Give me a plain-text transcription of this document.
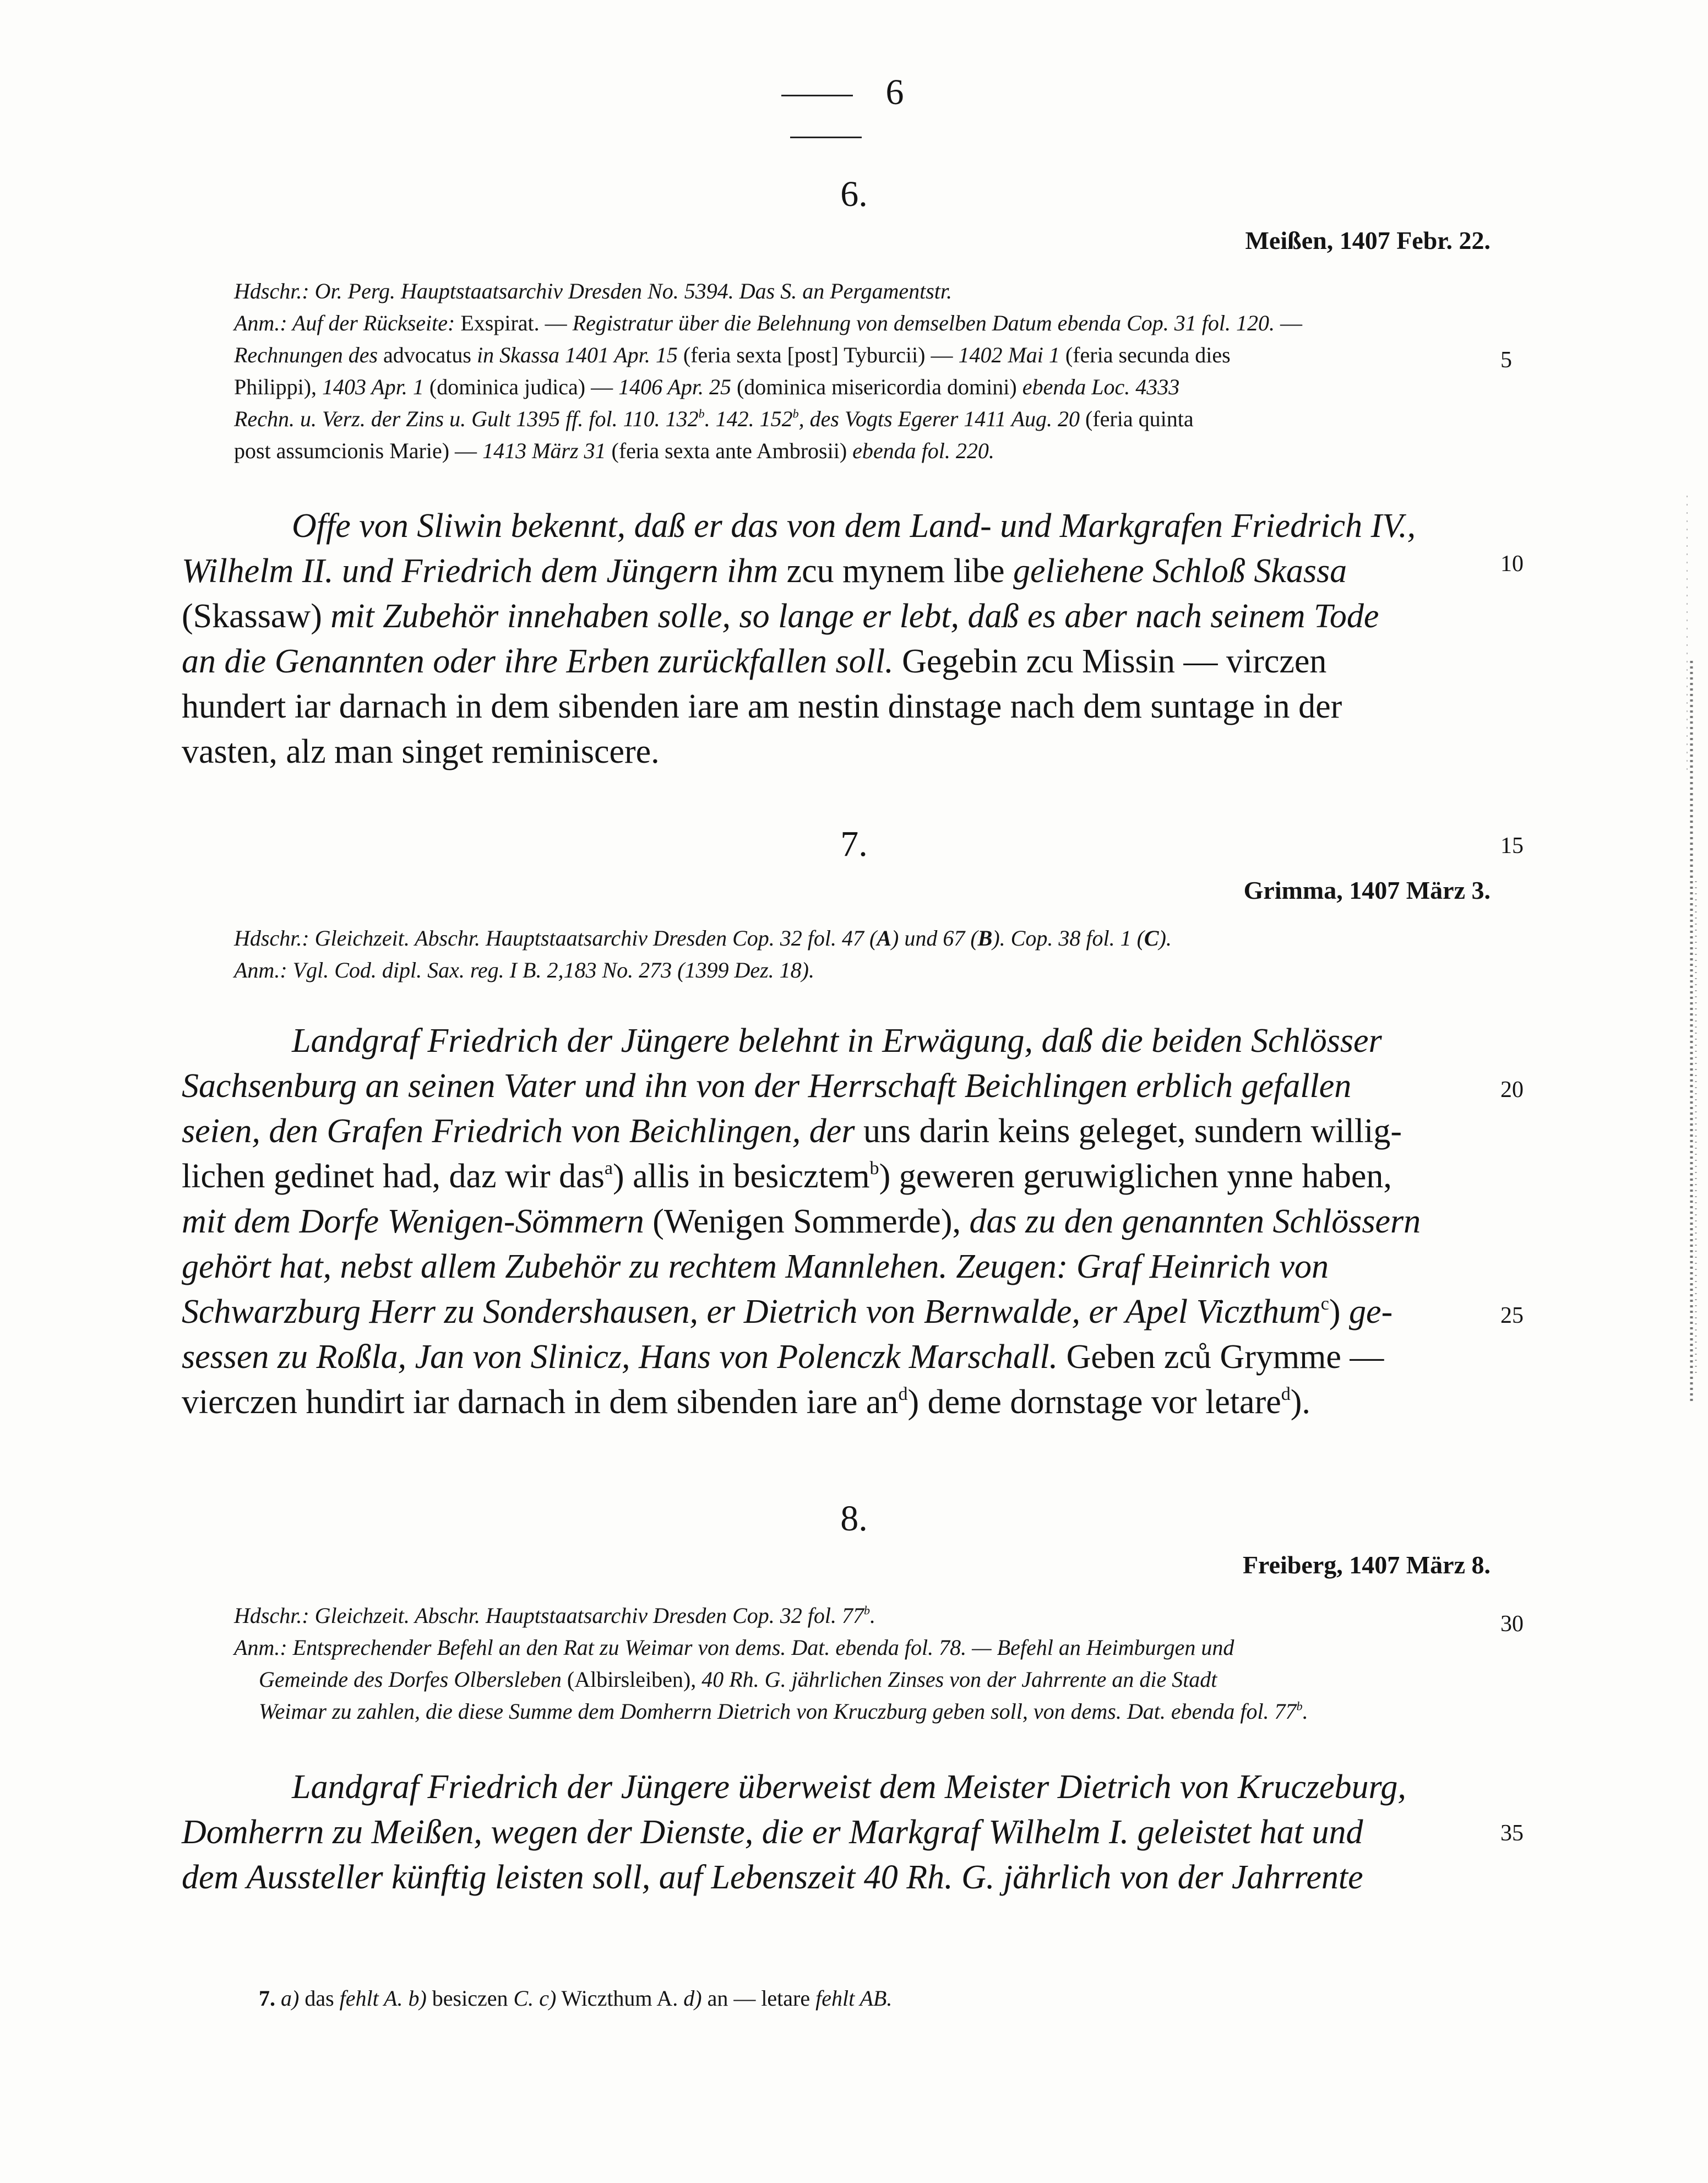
6
6.
Meißen, 1407 Febr. 22.
Hdschr.: Or. Perg. Hauptstaatsarchiv Dresden No. 5394. Das S. an Pergamentstr.
Anm.: Auf der Rückseite: Exspirat. — Registratur über die Belehnung von demselben Datum ebenda Cop. 31 fol. 120. —
Rechnungen des advocatus in Skassa 1401 Apr. 15 (feria sexta [post] Tyburcii) — 1402 Mai 1 (feria secunda dies
Philippi), 1403 Apr. 1 (dominica judica) — 1406 Apr. 25 (dominica misericordia domini) ebenda Loc. 4333
Rechn. u. Verz. der Zins u. Gult 1395 ff. fol. 110. 132$^b$. 142. 152$^b$, des Vogts Egerer 1411 Aug. 20 (feria quinta
post assumcionis Marie) — 1413 März 31 (feria sexta ante Ambrosii) ebenda fol. 220.
Offe von Sliwin bekennt, daß er das von dem Land- und Markgrafen Friedrich IV.,
Wilhelm II. und Friedrich dem Jüngern ihm zcu mynem libe geliehene Schloß Skassa
(Skassaw) mit Zubehör innehaben solle, so lange er lebt, daß es aber nach seinem Tode
an die Genannten oder ihre Erben zurückfallen soll. Gegebin zcu Missin — virczen
hundert iar darnach in dem sibenden iare am nestin dinstage nach dem suntage in der
vasten, alz man singet reminiscere.
7.
Grimma, 1407 März 3.
Hdschr.: Gleichzeit. Abschr. Hauptstaatsarchiv Dresden Cop. 32 fol. 47 (A) und 67 (B). Cop. 38 fol. 1 (C).
Anm.: Vgl. Cod. dipl. Sax. reg. I B. 2,183 No. 273 (1399 Dez. 18).
Landgraf Friedrich der Jüngere belehnt in Erwägung, daß die beiden Schlösser
Sachsenburg an seinen Vater und ihn von der Herrschaft Beichlingen erblich gefallen
seien, den Grafen Friedrich von Beichlingen, der uns darin keins geleget, sundern willig-
lichen gedinet had, daz wir das$^a$) allis in besicztem$^b$) geweren geruwiglichen ynne haben,
mit dem Dorfe Wenigen-Sömmern (Wenigen Sommerde), das zu den genannten Schlössern
gehört hat, nebst allem Zubehör zu rechtem Mannlehen. Zeugen: Graf Heinrich von
Schwarzburg Herr zu Sondershausen, er Dietrich von Bernwalde, er Apel Viczthum$^c$) ge-
sessen zu Roßla, Jan von Slinicz, Hans von Polenczk Marschall. Geben zců Grymme —
vierczen hundirt iar darnach in dem sibenden iare $an^d$) deme dornstage vor letare$^d$).
8.
Freiberg, 1407 März 8.
Hdschr.: Gleichzeit. Abschr. Hauptstaatsarchiv Dresden Cop. 32 fol. 77$^b$.
Anm.: Entsprechender Befehl an den Rat zu Weimar von dems. Dat. ebenda fol. 78. — Befehl an Heimburgen und
Gemeinde des Dorfes Olbersleben (Albirsleiben), 40 Rh. G. jährlichen Zinses von der Jahrrente an die Stadt
Weimar zu zahlen, die diese Summe dem Domherrn Dietrich von Kruczburg geben soll, von dems. Dat. ebenda fol. 77$^b$.
Landgraf Friedrich der Jüngere überweist dem Meister Dietrich von Kruczeburg,
Domherrn zu Meißen, wegen der Dienste, die er Markgraf Wilhelm I. geleistet hat und
dem Aussteller künftig leisten soll, auf Lebenszeit 40 Rh. G. jährlich von der Jahrrente
5
10
15
20
25
30
35
7. a) das fehlt A. b) besiczen C. c) Wiczthum A. d) an — letare fehlt AB.
